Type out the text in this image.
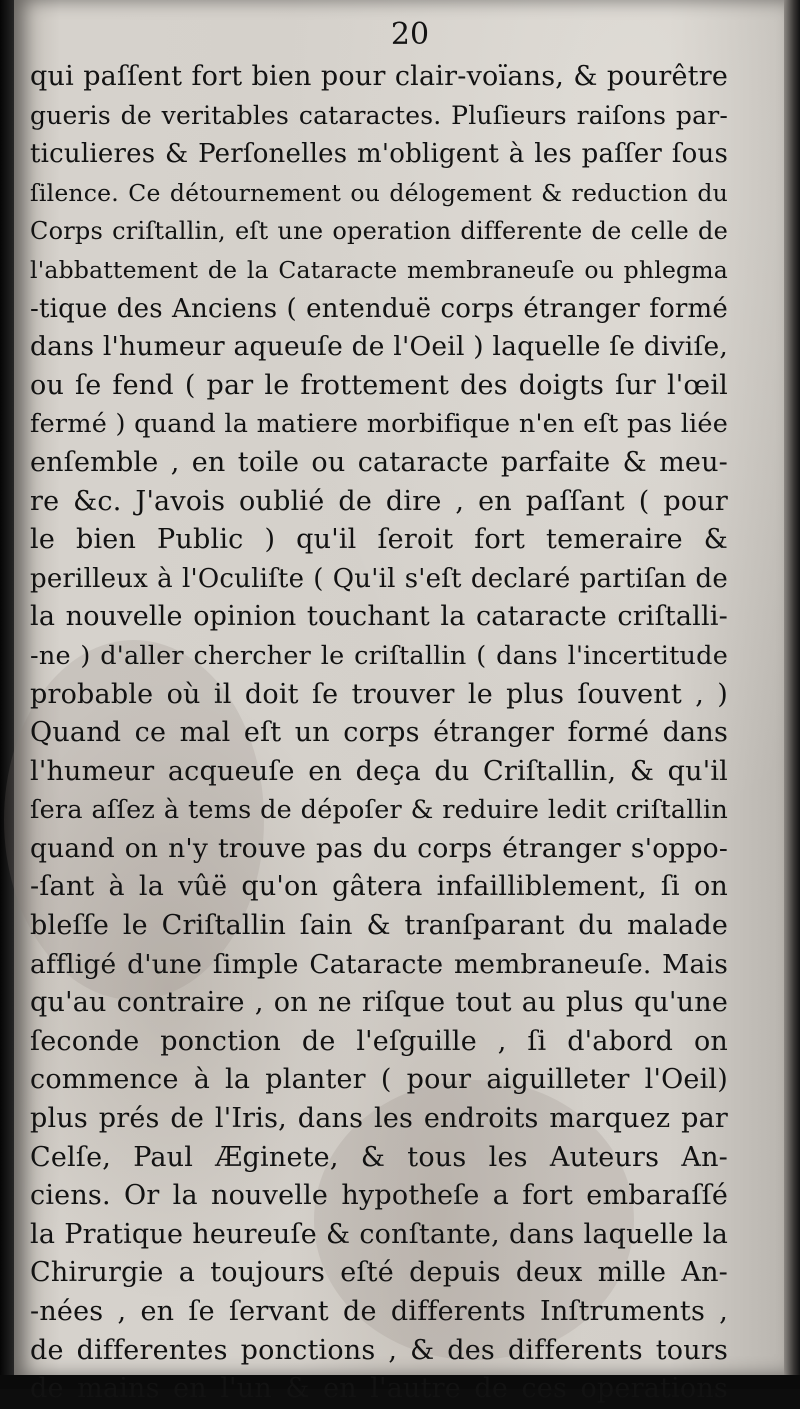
20
qui paſſent fort bien pour clair-voïans, & pourêtre
gueris de veritables cataractes. Pluſieurs raiſons par-
ticulieres & Perſonelles m'obligent à les paſſer ſous
ſilence. Ce détournement ou délogement & reduction du
Corps criſtallin, eſt une operation differente de celle de
l'abbattement de la Cataracte membraneuſe ou phlegma
-tique des Anciens ( entenduë corps étranger formé
dans l'humeur aqueuſe de l'Oeil ) laquelle ſe diviſe,
ou ſe fend ( par le frottement des doigts ſur l'œil
fermé ) quand la matiere morbifique n'en eſt pas liée
enſemble , en toile ou cataracte parfaite & meu-
re &c. J'avois oublié de dire , en paſſant ( pour
le bien Public ) qu'il ſeroit fort temeraire &
perilleux à l'Oculiſte ( Qu'il s'eſt declaré partiſan de
la nouvelle opinion touchant la cataracte criſtalli-
-ne ) d'aller chercher le criſtallin ( dans l'incertitude
probable où il doit ſe trouver le plus ſouvent , )
Quand ce mal eſt un corps étranger formé dans
l'humeur acqueuſe en deça du Criſtallin, & qu'il
ſera aſſez à tems de dépoſer & reduire ledit criſtallin
quand on n'y trouve pas du corps étranger s'oppo-
-ſant à la vûë qu'on gâtera infailliblement, ſi on
bleſſe le Criſtallin ſain & tranſparant du malade
affligé d'une ſimple Cataracte membraneuſe. Mais
qu'au contraire , on ne riſque tout au plus qu'une
ſeconde ponction de l'eſguille , ſi d'abord on
commence à la planter ( pour aiguilleter l'Oeil)
plus prés de l'Iris, dans les endroits marquez par
Celſe, Paul Æginete, & tous les Auteurs An-
ciens. Or la nouvelle hypotheſe a fort embaraſſé
la Pratique heureuſe & conſtante, dans laquelle la
Chirurgie a toujours eſté depuis deux mille An-
-nées , en ſe ſervant de differents Inſtruments ,
de differentes ponctions , & des differents tours
de mains en l'un & en l'autre de ces operations
